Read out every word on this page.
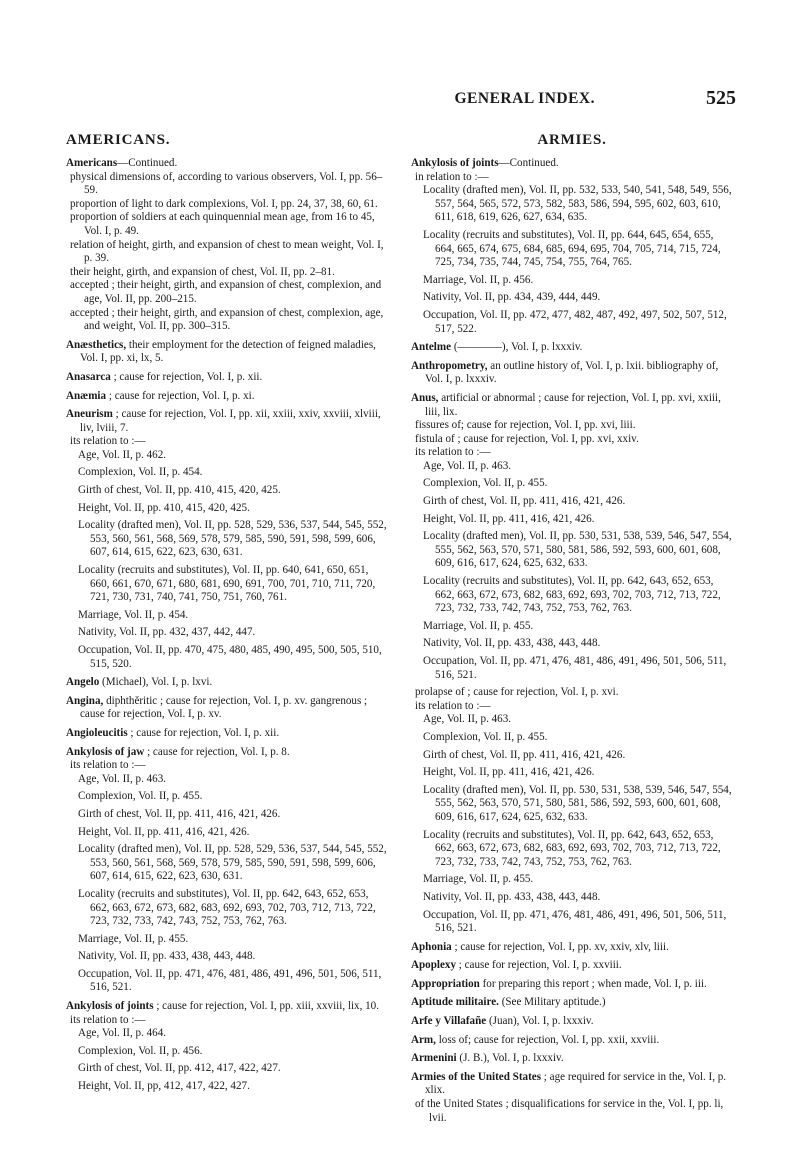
GENERAL INDEX.	525
AMERICANS.

Americans—Continued.

physical dimensions of, according to various observers, Vol. I, pp. 56–59.

proportion of light to dark complexions, Vol. I, pp. 24, 37, 38, 60, 61.

proportion of soldiers at each quinquennial mean age, from 16 to 45, Vol. I, p. 49.

relation of height, girth, and expansion of chest to mean weight, Vol. I, p. 39.

their height, girth, and expansion of chest, Vol. II, pp. 2–81.

accepted ; their height, girth, and expansion of chest, complexion, and age, Vol. II, pp. 200–215.

accepted ; their height, girth, and expansion of chest, complexion, age, and weight, Vol. II, pp. 300–315.

Anæsthetics, their employment for the detection of feigned maladies, Vol. I, pp. xi, lx, 5.

Anasarca ; cause for rejection, Vol. I, p. xii.

Anæmia ; cause for rejection, Vol. I, p. xi.

Aneurism ; cause for rejection, Vol. I, pp. xii, xxiii, xxiv, xxviii, xlviii, liv, lviii, 7.

its relation to :—

Age, Vol. II, p. 462.

Complexion, Vol. II, p. 454.

Girth of chest, Vol. II, pp. 410, 415, 420, 425.

Height, Vol. II, pp. 410, 415, 420, 425.

Locality (drafted men), Vol. II, pp. 528, 529, 536, 537, 544, 545, 552, 553, 560, 561, 568, 569, 578, 579, 585, 590, 591, 598, 599, 606, 607, 614, 615, 622, 623, 630, 631.

Locality (recruits and substitutes), Vol. II, pp. 640, 641, 650, 651, 660, 661, 670, 671, 680, 681, 690, 691, 700, 701, 710, 711, 720, 721, 730, 731, 740, 741, 750, 751, 760, 761.

Marriage, Vol. II, p. 454.

Nativity, Vol. II, pp. 432, 437, 442, 447.

Occupation, Vol. II, pp. 470, 475, 480, 485, 490, 495, 500, 505, 510, 515, 520.

Angelo (Michael), Vol. I, p. lxvi.

Angina, diphthěritic ; cause for rejection, Vol. I, p. xv. gangrenous ; cause for rejection, Vol. I, p. xv.

Angioleucitis ; cause for rejection, Vol. I, p. xii.

Ankylosis of jaw ; cause for rejection, Vol. I, p. 8.

its relation to :—

Age, Vol. II, p. 463.

Complexion, Vol. II, p. 455.

Girth of chest, Vol. II, pp. 411, 416, 421, 426.

Height, Vol. II, pp. 411, 416, 421, 426.

Locality (drafted men), Vol. II, pp. 528, 529, 536, 537, 544, 545, 552, 553, 560, 561, 568, 569, 578, 579, 585, 590, 591, 598, 599, 606, 607, 614, 615, 622, 623, 630, 631.

Locality (recruits and substitutes), Vol. II, pp. 642, 643, 652, 653, 662, 663, 672, 673, 682, 683, 692, 693, 702, 703, 712, 713, 722, 723, 732, 733, 742, 743, 752, 753, 762, 763.

Marriage, Vol. II, p. 455.

Nativity, Vol. II, pp. 433, 438, 443, 448.

Occupation, Vol. II, pp. 471, 476, 481, 486, 491, 496, 501, 506, 511, 516, 521.

Ankylosis of joints ; cause for rejection, Vol. I, pp. xiii, xxviii, lix, 10.

its relation to :—

Age, Vol. II, p. 464.

Complexion, Vol. II, p. 456.

Girth of chest, Vol. II, pp. 412, 417, 422, 427.

Height, Vol. II, pp, 412, 417, 422, 427.

ARMIES.

Ankylosis of joints—Continued.

in relation to :—

Locality (drafted men), Vol. II, pp. 532, 533, 540, 541, 548, 549, 556, 557, 564, 565, 572, 573, 582, 583, 586, 594, 595, 602, 603, 610, 611, 618, 619, 626, 627, 634, 635.

Locality (recruits and substitutes), Vol. II, pp. 644, 645, 654, 655, 664, 665, 674, 675, 684, 685, 694, 695, 704, 705, 714, 715, 724, 725, 734, 735, 744, 745, 754, 755, 764, 765.

Marriage, Vol. II, p. 456.

Nativity, Vol. II, pp. 434, 439, 444, 449.

Occupation, Vol. II, pp. 472, 477, 482, 487, 492, 497, 502, 507, 512, 517, 522.

Antelme (————), Vol. I, p. lxxxiv.

Anthropometry, an outline history of, Vol. I, p. lxii. bibliography of, Vol. I, p. lxxxiv.

Anus, artificial or abnormal ; cause for rejection, Vol. I, pp. xvi, xxiii, liii, lix.

fissures of; cause for rejection, Vol. I, pp. xvi, liii.

fistula of ; cause for rejection, Vol. I, pp. xvi, xxiv.

its relation to :—

Age, Vol. II, p. 463.

Complexion, Vol. II, p. 455.

Girth of chest, Vol. II, pp. 411, 416, 421, 426.

Height, Vol. II, pp. 411, 416, 421, 426.

Locality (drafted men), Vol. II, pp. 530, 531, 538, 539, 546, 547, 554, 555, 562, 563, 570, 571, 580, 581, 586, 592, 593, 600, 601, 608, 609, 616, 617, 624, 625, 632, 633.

Locality (recruits and substitutes), Vol. II, pp. 642, 643, 652, 653, 662, 663, 672, 673, 682, 683, 692, 693, 702, 703, 712, 713, 722, 723, 732, 733, 742, 743, 752, 753, 762, 763.

Marriage, Vol. II, p. 455.

Nativity, Vol. II, pp. 433, 438, 443, 448.

Occupation, Vol. II, pp. 471, 476, 481, 486, 491, 496, 501, 506, 511, 516, 521.

prolapse of ; cause for rejection, Vol. I, p. xvi.

its relation to :—

Age, Vol. II, p. 463.

Complexion, Vol. II, p. 455.

Girth of chest, Vol. II, pp. 411, 416, 421, 426.

Height, Vol. II, pp. 411, 416, 421, 426.

Locality (drafted men), Vol. II, pp. 530, 531, 538, 539, 546, 547, 554, 555, 562, 563, 570, 571, 580, 581, 586, 592, 593, 600, 601, 608, 609, 616, 617, 624, 625, 632, 633.

Locality (recruits and substitutes), Vol. II, pp. 642, 643, 652, 653, 662, 663, 672, 673, 682, 683, 692, 693, 702, 703, 712, 713, 722, 723, 732, 733, 742, 743, 752, 753, 762, 763.

Marriage, Vol. II, p. 455.

Nativity, Vol. II, pp. 433, 438, 443, 448.

Occupation, Vol. II, pp. 471, 476, 481, 486, 491, 496, 501, 506, 511, 516, 521.

Aphonia ; cause for rejection, Vol. I, pp. xv, xxiv, xlv, liii.

Apoplexy ; cause for rejection, Vol. I, p. xxviii.

Appropriation for preparing this report ; when made, Vol. I, p. iii.

Aptitude militaire. (See Military aptitude.)

Arfe y Villafañe (Juan), Vol. I, p. lxxxiv.

Arm, loss of; cause for rejection, Vol. I, pp. xxii, xxviii.

Armenini (J. B.), Vol. I, p. lxxxiv.

Armies of the United States ; age required for service in the, Vol. I, p. xlix.

of the United States ; disqualifications for service in the, Vol. I, pp. li, lvii.
